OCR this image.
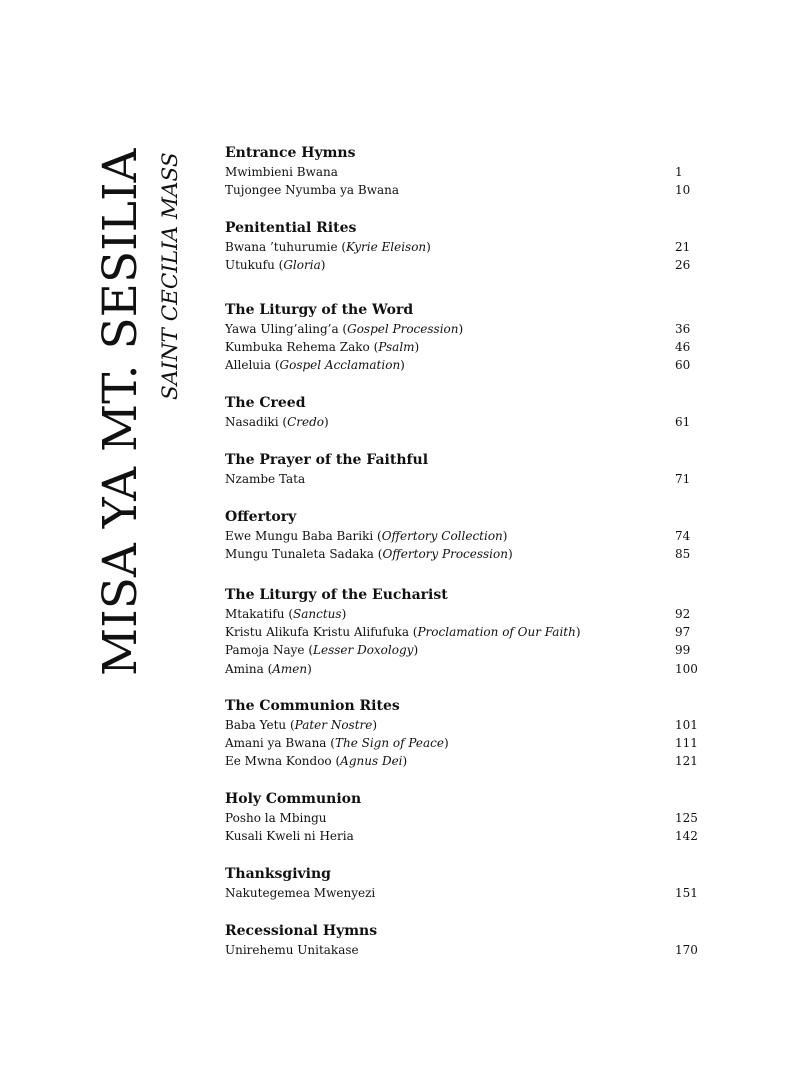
MISA YA MT. SESILIA SAINT CECILIA MASS	Entrance Hymns
Mwimbieni Bwana	1
Tujongee Nyumba ya Bwana	10
Penitential Rites
Bwana ’tuhurumie (Kyrie Eleison)	21
Utukufu (Gloria)	26
The Liturgy of the Word
Yawa Uling’aling’a (Gospel Procession)	36
Kumbuka Rehema Zako (Psalm)	46
Alleluia (Gospel Acclamation)	60
The Creed
Nasadiki (Credo)	61
The Prayer of the Faithful
Nzambe Tata	71
Offertory
Ewe Mungu Baba Bariki (Offertory Collection)	74
Mungu Tunaleta Sadaka (Offertory Procession)	85
The Liturgy of the Eucharist
Mtakatifu (Sanctus)	92
Kristu Alikufa Kristu Alifufuka (Proclamation of Our Faith)	97
Pamoja Naye (Lesser Doxology)	99
Amina (Amen)	100
The Communion Rites
Baba Yetu (Pater Nostre)	101
Amani ya Bwana (The Sign of Peace)	111
Ee Mwna Kondoo (Agnus Dei)	121
Holy Communion
Posho la Mbingu	125
Kusali Kweli ni Heria	142
Thanksgiving
Nakutegemea Mwenyezi	151
Recessional Hymns
Unirehemu Unitakase	170
